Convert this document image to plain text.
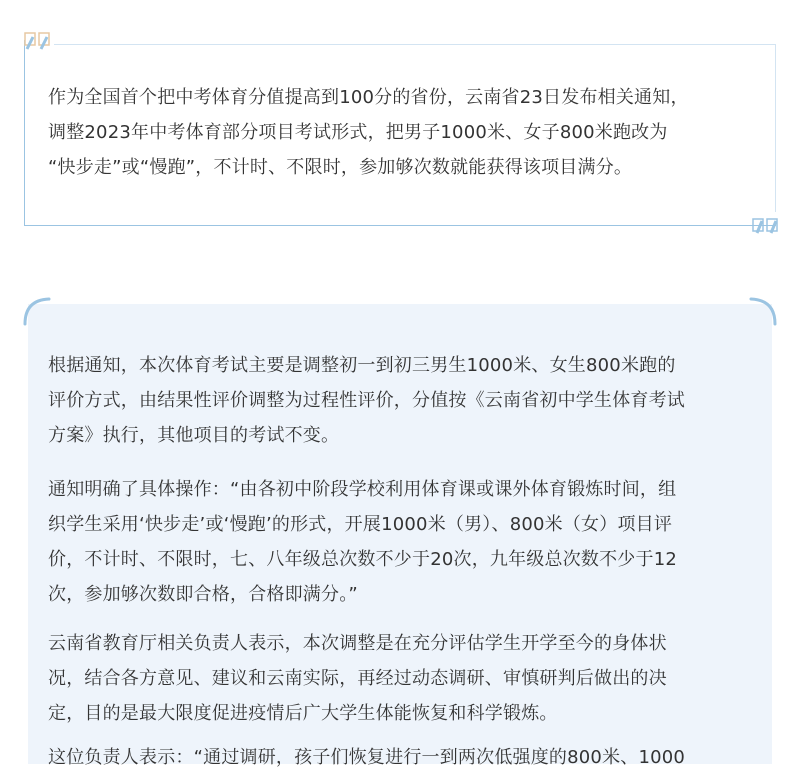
作为全国首个把中考体育分值提高到100分的省份，云南省23日发布相关通知，
调整2023年中考体育部分项目考试形式，把男子1000米、女子800米跑改为
“快步走”或“慢跑”，不计时、不限时，参加够次数就能获得该项目满分。
根据通知，本次体育考试主要是调整初一到初三男生1000米、女生800米跑的
评价方式，由结果性评价调整为过程性评价，分值按《云南省初中学生体育考试
方案》执行，其他项目的考试不变。
通知明确了具体操作：“由各初中阶段学校利用体育课或课外体育锻炼时间，组
织学生采用‘快步走’或‘慢跑’的形式，开展1000米（男）、800米（女）项目评
价，不计时、不限时，七、八年级总次数不少于20次，九年级总次数不少于12
次，参加够次数即合格，合格即满分。”
云南省教育厅相关负责人表示，本次调整是在充分评估学生开学至今的身体状
况，结合各方意见、建议和云南实际，再经过动态调研、审慎研判后做出的决
定，目的是最大限度促进疫情后广大学生体能恢复和科学锻炼。
这位负责人表示：“通过调研，孩子们恢复进行一到两次低强度的800米、1000
